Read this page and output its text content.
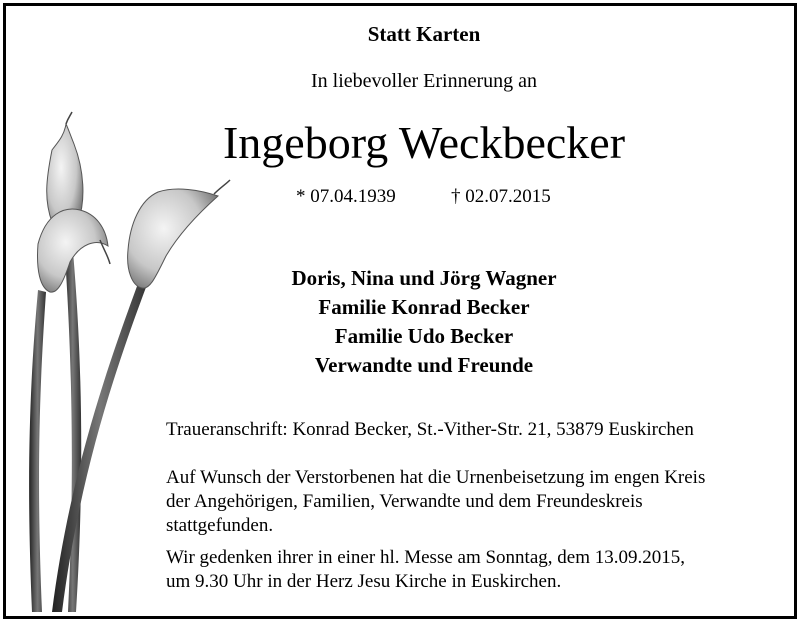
Statt Karten
In liebevoller Erinnerung an
Ingeborg Weckbecker
* 07.04.1939	† 02.07.2015
Doris, Nina und Jörg Wagner
Familie Konrad Becker
Familie Udo Becker
Verwandte und Freunde
Traueranschrift: Konrad Becker, St.-Vither-Str. 21, 53879 Euskirchen
Auf Wunsch der Verstorbenen hat die Urnenbeisetzung im engen Kreis
der Angehörigen, Familien, Verwandte und dem Freundeskreis
stattgefunden.
Wir gedenken ihrer in einer hl. Messe am Sonntag, dem 13.09.2015,
um 9.30 Uhr in der Herz Jesu Kirche in Euskirchen.
